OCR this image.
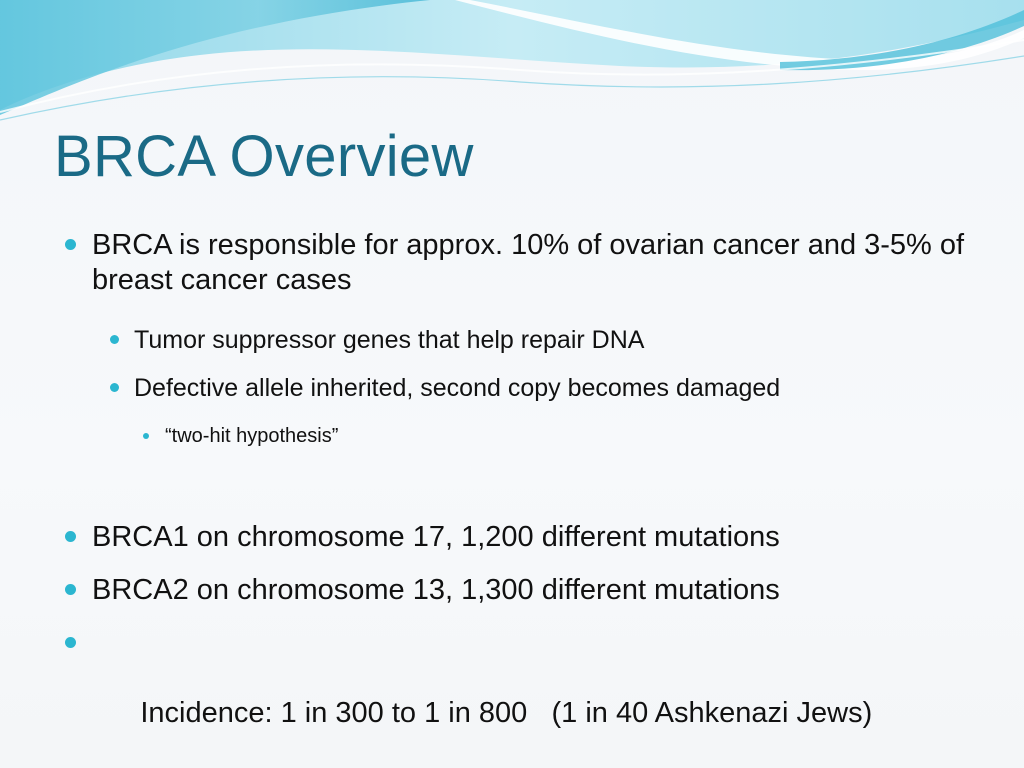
BRCA Overview
BRCA is responsible for approx. 10% of ovarian cancer and 3-5% of breast cancer cases
Tumor suppressor genes that help repair DNA
Defective allele inherited, second copy becomes damaged
“two-hit hypothesis”
BRCA1 on chromosome 17, 1,200 different mutations
BRCA2 on chromosome 13, 1,300 different mutations

Incidence: 1 in 300 to 1 in 800   (1 in 40 Ashkenazi Jews)
